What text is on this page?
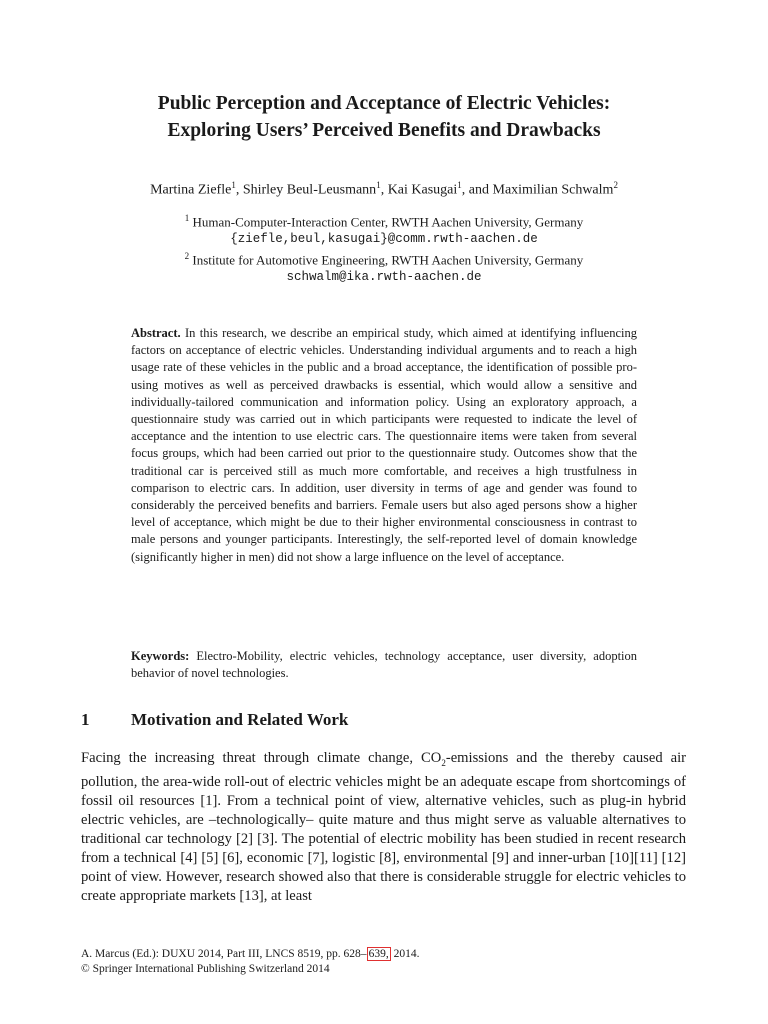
Public Perception and Acceptance of Electric Vehicles:
Exploring Users’ Perceived Benefits and Drawbacks
Martina Ziefle$^1$, Shirley Beul-Leusmann$^1$, Kai Kasugai$^1$, and Maximilian Schwalm$^2$
$^1$ Human-Computer-Interaction Center, RWTH Aachen University, Germany
{ziefle,beul,kasugai}@comm.rwth-aachen.de
$^2$ Institute for Automotive Engineering, RWTH Aachen University, Germany
schwalm@ika.rwth-aachen.de
Abstract. In this research, we describe an empirical study, which aimed at identifying influencing factors on acceptance of electric vehicles. Understanding individual arguments and to reach a high usage rate of these vehicles in the public and a broad acceptance, the identification of possible pro-using motives as well as perceived drawbacks is essential, which would allow a sensitive and individually-tailored communication and information policy. Using an exploratory approach, a questionnaire study was carried out in which participants were requested to indicate the level of acceptance and the intention to use electric cars. The questionnaire items were taken from several focus groups, which had been carried out prior to the questionnaire study. Outcomes show that the traditional car is perceived still as much more comfortable, and receives a high trustfulness in comparison to electric cars. In addition, user diversity in terms of age and gender was found to considerably the perceived benefits and barriers. Female users but also aged persons show a higher level of acceptance, which might be due to their higher environmental consciousness in contrast to male persons and younger participants. Interestingly, the self-reported level of domain knowledge (significantly higher in men) did not show a large influence on the level of acceptance.
Keywords: Electro-Mobility, electric vehicles, technology acceptance, user diversity, adoption behavior of novel technologies.
1 Motivation and Related Work
Facing the increasing threat through climate change, $CO_2$-emissions and the thereby caused air pollution, the area-wide roll-out of electric vehicles might be an adequate escape from shortcomings of fossil oil resources [1]. From a technical point of view, alternative vehicles, such as plug-in hybrid electric vehicles, are –technologically– quite mature and thus might serve as valuable alternatives to traditional car technology [2] [3]. The potential of electric mobility has been studied in recent research from a technical [4] [5] [6], economic [7], logistic [8], environmental [9] and inner-urban [10][11] [12] point of view. However, research showed also that there is considerable struggle for electric vehicles to create appropriate markets [13], at least
A. Marcus (Ed.): DUXU 2014, Part III, LNCS 8519, pp. 628– 639, 2014.
© Springer International Publishing Switzerland 2014
